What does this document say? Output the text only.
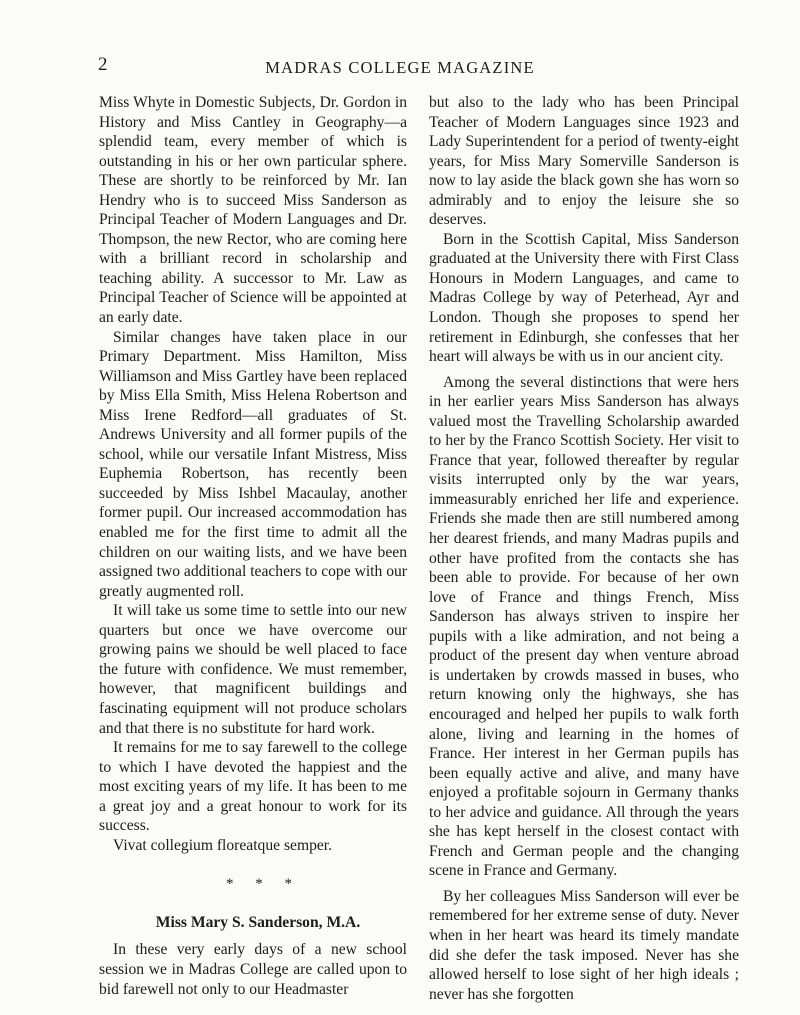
2	MADRAS COLLEGE MAGAZINE

Miss Whyte in Domestic Subjects, Dr. Gordon in History and Miss Cantley in Geography—a splendid team, every member of which is outstanding in his or her own particular sphere. These are shortly to be reinforced by Mr. Ian Hendry who is to succeed Miss Sanderson as Principal Teacher of Modern Languages and Dr. Thompson, the new Rector, who are coming here with a brilliant record in scholarship and teaching ability. A successor to Mr. Law as Principal Teacher of Science will be appointed at an early date.

Similar changes have taken place in our Primary Department. Miss Hamilton, Miss Williamson and Miss Gartley have been replaced by Miss Ella Smith, Miss Helena Robertson and Miss Irene Redford—all graduates of St. Andrews University and all former pupils of the school, while our versatile Infant Mistress, Miss Euphemia Robertson, has recently been succeeded by Miss Ishbel Macaulay, another former pupil. Our increased accommodation has enabled me for the first time to admit all the children on our waiting lists, and we have been assigned two additional teachers to cope with our greatly augmented roll.

It will take us some time to settle into our new quarters but once we have overcome our growing pains we should be well placed to face the future with confidence. We must remember, however, that magnificent buildings and fascinating equipment will not produce scholars and that there is no substitute for hard work.

It remains for me to say farewell to the college to which I have devoted the happiest and the most exciting years of my life. It has been to me a great joy and a great honour to work for its success.

Vivat collegium floreatque semper.

* * *
Miss Mary S. Sanderson, M.A.

In these very early days of a new school session we in Madras College are called upon to bid farewell not only to our Headmaster

but also to the lady who has been Principal Teacher of Modern Languages since 1923 and Lady Superintendent for a period of twenty-eight years, for Miss Mary Somerville Sanderson is now to lay aside the black gown she has worn so admirably and to enjoy the leisure she so deserves.

Born in the Scottish Capital, Miss Sanderson graduated at the University there with First Class Honours in Modern Languages, and came to Madras College by way of Peterhead, Ayr and London. Though she proposes to spend her retirement in Edinburgh, she confesses that her heart will always be with us in our ancient city.

Among the several distinctions that were hers in her earlier years Miss Sanderson has always valued most the Travelling Scholarship awarded to her by the Franco Scottish Society. Her visit to France that year, followed thereafter by regular visits interrupted only by the war years, immeasurably enriched her life and experience. Friends she made then are still numbered among her dearest friends, and many Madras pupils and other have profited from the contacts she has been able to provide. For because of her own love of France and things French, Miss Sanderson has always striven to inspire her pupils with a like admiration, and not being a product of the present day when venture abroad is undertaken by crowds massed in buses, who return knowing only the highways, she has encouraged and helped her pupils to walk forth alone, living and learning in the homes of France. Her interest in her German pupils has been equally active and alive, and many have enjoyed a profitable sojourn in Germany thanks to her advice and guidance. All through the years she has kept herself in the closest contact with French and German people and the changing scene in France and Germany.

By her colleagues Miss Sanderson will ever be remembered for her extreme sense of duty. Never when in her heart was heard its timely mandate did she defer the task imposed. Never has she allowed herself to lose sight of her high ideals ; never has she forgotten
